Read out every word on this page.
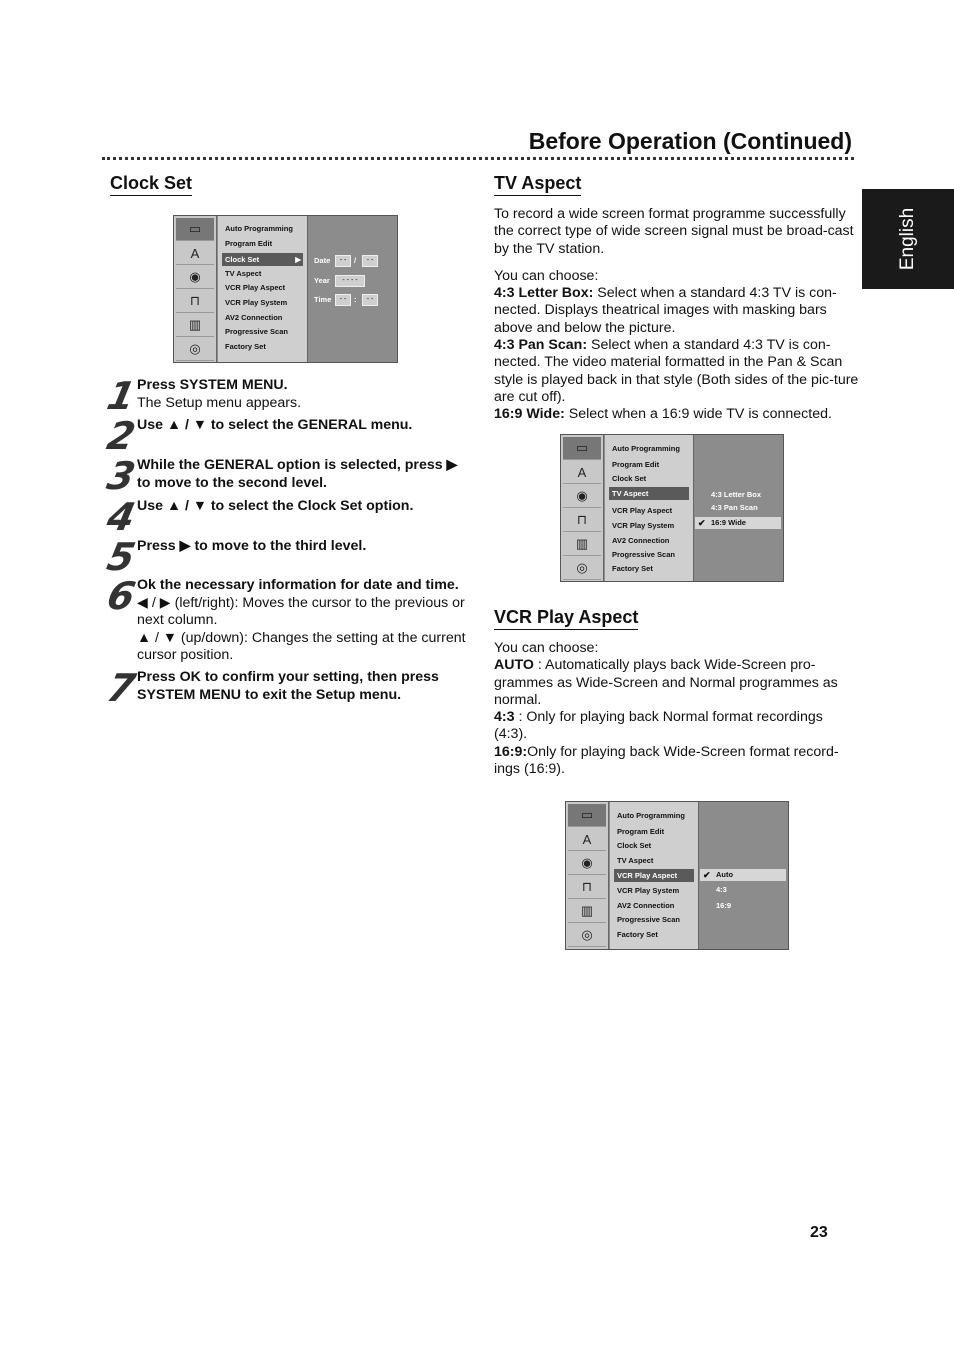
Before Operation (Continued)
English
Clock Set
▭
A
◉
⊓
▥
◎
Auto Programming
Program Edit
Clock Set	▶
TV Aspect
VCR Play Aspect
VCR Play System
AV2 Connection
Progressive Scan
Factory Set
Date	- -	/	- -
Year	- - - -
Time	- -	:	- -
1
Press SYSTEM MENU.
The Setup menu appears.
2
Use ▲ / ▼ to select the GENERAL menu.
3
While the GENERAL option is selected, press ▶ to move to the second level.
4
Use ▲ / ▼ to select the Clock Set option.
5
Press ▶ to move to the third level.
6
Ok the necessary information for date and time.
◀ / ▶ (left/right): Moves the cursor to the previous or next column.
▲ / ▼ (up/down): Changes the setting at the current cursor position.
7
Press OK to confirm your setting, then press SYSTEM MENU to exit the Setup menu.
TV Aspect
To record a wide screen format programme successfully the correct type of wide screen signal must be broad-cast by the TV station.
You can choose:
4:3 Letter Box: Select when a standard 4:3 TV is con-nected. Displays theatrical images with masking bars above and below the picture.
4:3 Pan Scan: Select when a standard 4:3 TV is con-nected. The video material formatted in the Pan & Scan style is played back in that style (Both sides of the pic-ture are cut off).
16:9 Wide: Select when a 16:9 wide TV is connected.
▭
A
◉
⊓
▥
◎
Auto Programming
Program Edit
Clock Set
TV Aspect
VCR Play Aspect
VCR Play System
AV2 Connection
Progressive Scan
Factory Set
4:3 Letter Box
4:3 Pan Scan
✔ 16:9 Wide
VCR Play Aspect
You can choose:
AUTO : Automatically plays back Wide-Screen pro-grammes as Wide-Screen and Normal programmes as normal.
4:3 : Only for playing back Normal format recordings (4:3).
16:9:Only for playing back Wide-Screen format record-ings (16:9).
▭
A
◉
⊓
▥
◎
Auto Programming
Program Edit
Clock Set
TV Aspect
VCR Play Aspect
VCR Play System
AV2 Connection
Progressive Scan
Factory Set
✔ Auto
4:3
16:9
23
